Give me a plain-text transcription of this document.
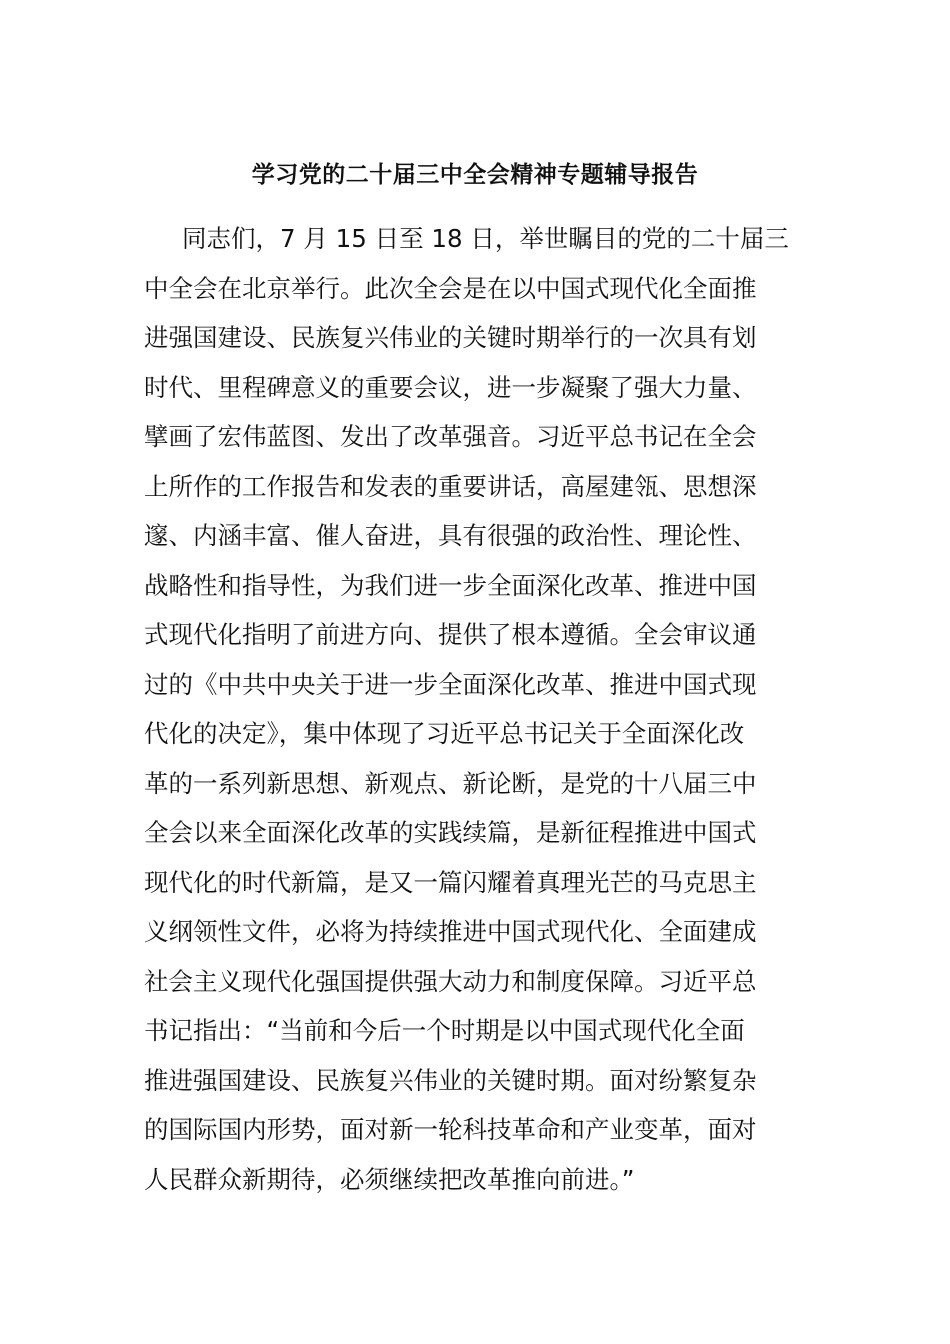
学习党的二十届三中全会精神专题辅导报告
同志们，7 月 15 日至 18 日，举世瞩目的党的二十届三
中全会在北京举行。此次全会是在以中国式现代化全面推
进强国建设、民族复兴伟业的关键时期举行的一次具有划
时代、里程碑意义的重要会议，进一步凝聚了强大力量、
擘画了宏伟蓝图、发出了改革强音。习近平总书记在全会
上所作的工作报告和发表的重要讲话，高屋建瓴、思想深
邃、内涵丰富、催人奋进，具有很强的政治性、理论性、
战略性和指导性，为我们进一步全面深化改革、推进中国
式现代化指明了前进方向、提供了根本遵循。全会审议通
过的《中共中央关于进一步全面深化改革、推进中国式现
代化的决定》，集中体现了习近平总书记关于全面深化改
革的一系列新思想、新观点、新论断，是党的十八届三中
全会以来全面深化改革的实践续篇，是新征程推进中国式
现代化的时代新篇，是又一篇闪耀着真理光芒的马克思主
义纲领性文件，必将为持续推进中国式现代化、全面建成
社会主义现代化强国提供强大动力和制度保障。习近平总
书记指出：“当前和今后一个时期是以中国式现代化全面
推进强国建设、民族复兴伟业的关键时期。面对纷繁复杂
的国际国内形势，面对新一轮科技革命和产业变革，面对
人民群众新期待，必须继续把改革推向前进。”
